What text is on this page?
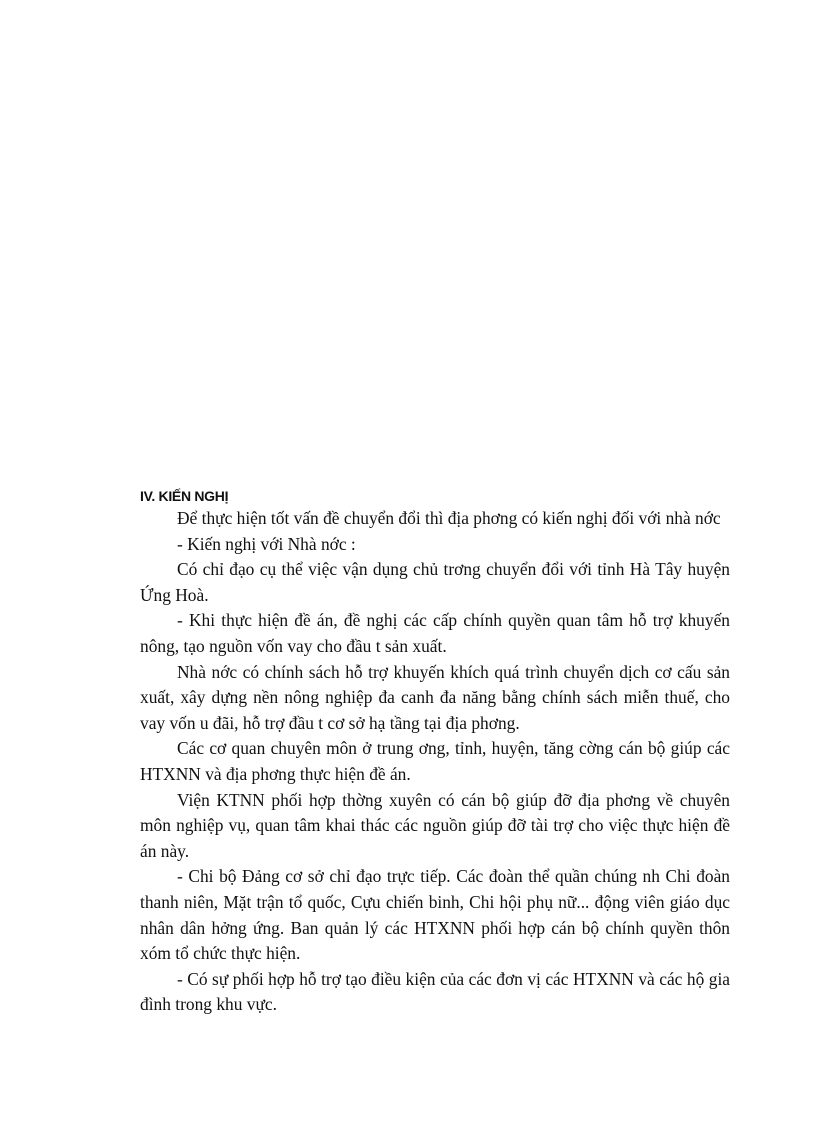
IV. KIẾN NGHỊ

Để thực hiện tốt vấn đề chuyển đổi thì địa phơng có kiến nghị đối với nhà nớc

- Kiến nghị với Nhà nớc :

Có chỉ đạo cụ thể việc vận dụng chủ trơng chuyển đổi với tỉnh Hà Tây huyện Ứng Hoà.

- Khi thực hiện đề án, đề nghị các cấp chính quyền quan tâm hỗ trợ khuyến nông, tạo nguồn vốn vay cho đầu t sản xuất.

Nhà nớc có chính sách hỗ trợ khuyến khích quá trình chuyển dịch cơ cấu sản xuất, xây dựng nền nông nghiệp đa canh đa năng bằng chính sách miễn thuế, cho vay vốn u đãi, hỗ trợ đầu t cơ sở hạ tầng tại địa phơng.

Các cơ quan chuyên môn ở trung ơng, tỉnh, huyện, tăng cờng cán bộ giúp các HTXNN và địa phơng thực hiện đề án.

Viện KTNN phối hợp thờng xuyên có cán bộ giúp đỡ địa phơng về chuyên môn nghiệp vụ, quan tâm khai thác các nguồn giúp đỡ tài trợ cho việc thực hiện đề án này.

- Chi bộ Đảng cơ sở chỉ đạo trực tiếp. Các đoàn thể quần chúng nh Chi đoàn thanh niên, Mặt trận tổ quốc, Cựu chiến binh, Chi hội phụ nữ... động viên giáo dục nhân dân hởng ứng. Ban quản lý các HTXNN phối hợp cán bộ chính quyền thôn xóm tổ chức thực hiện.

- Có sự phối hợp hỗ trợ tạo điều kiện của các đơn vị các HTXNN và các hộ gia đình trong khu vực.
